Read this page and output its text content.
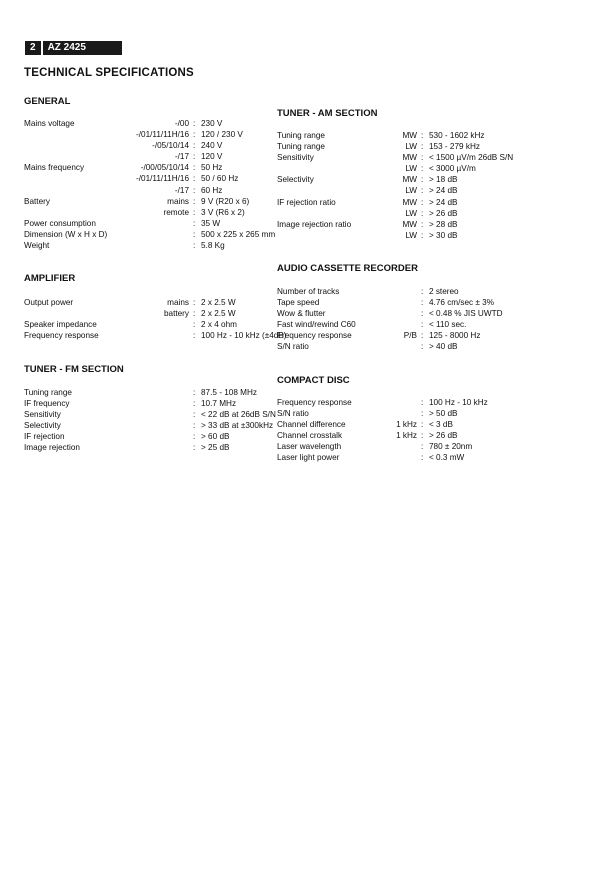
2	AZ 2425
TECHNICAL SPECIFICATIONS
GENERAL
Mains voltage	-/00 : 230 V
-/01/11/11H/16 : 120 / 230 V
-/05/10/14 : 240 V
-/17 : 120 V
Mains frequency	-/00/05/10/14 : 50 Hz
-/01/11/11H/16 : 50 / 60 Hz
-/17 : 60 Hz
Battery	mains : 9 V (R20 x 6)
remote : 3 V (R6 x 2)
Power consumption	: 35 W
Dimension (W x H x D)	: 500 x 225 x 265 mm
Weight	: 5.8 Kg
AMPLIFIER
Output power	mains : 2 x 2.5 W
battery : 2 x 2.5 W
Speaker impedance	: 2 x 4 ohm
Frequency response	: 100 Hz - 10 kHz (±4dB)
TUNER - FM SECTION
Tuning range	: 87.5 - 108 MHz
IF frequency	: 10.7 MHz
Sensitivity	: < 22 dB at 26dB S/N
Selectivity	: > 33 dB at ±300kHz
IF rejection	: > 60 dB
Image rejection	: > 25 dB
TUNER - AM SECTION
Tuning range	MW : 530 - 1602 kHz
Tuning range	LW : 153 - 279 kHz
Sensitivity	MW : < 1500 µV/m 26dB S/N
LW : < 3000 µV/m
Selectivity	MW : > 18 dB
LW : > 24 dB
IF rejection ratio	MW : > 24 dB
LW : > 26 dB
Image rejection ratio	MW : > 28 dB
LW : > 30 dB
AUDIO CASSETTE RECORDER
Number of tracks	: 2 stereo
Tape speed	: 4.76 cm/sec ± 3%
Wow & flutter	: < 0.48 % JIS UWTD
Fast wind/rewind C60	: < 110 sec.
Frequency response	P/B : 125 - 8000 Hz
S/N ratio	: > 40 dB
COMPACT DISC
Frequency response	: 100 Hz - 10 kHz
S/N ratio	: > 50 dB
Channel difference	1 kHz : < 3 dB
Channel crosstalk	1 kHz : > 26 dB
Laser wavelength	: 780 ± 20nm
Laser light power	: < 0.3 mW
